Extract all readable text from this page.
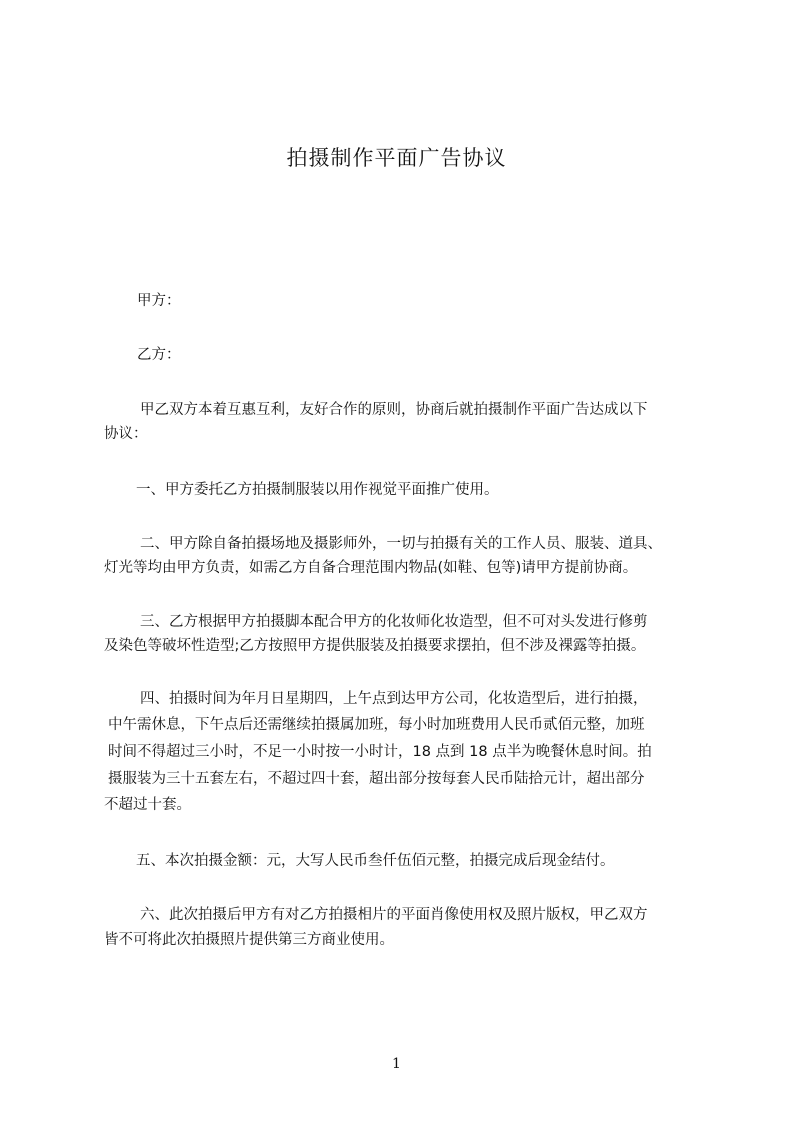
拍摄制作平面广告协议

甲方：

乙方：

甲乙双方本着互惠互利，友好合作的原则，协商后就拍摄制作平面广告达成以下

协议：

一、甲方委托乙方拍摄制服装以用作视觉平面推广使用。

二、甲方除自备拍摄场地及摄影师外，一切与拍摄有关的工作人员、服装、道具、

灯光等均由甲方负责，如需乙方自备合理范围内物品(如鞋、包等)请甲方提前协商。

三、乙方根据甲方拍摄脚本配合甲方的化妆师化妆造型，但不可对头发进行修剪

及染色等破坏性造型;乙方按照甲方提供服装及拍摄要求摆拍，但不涉及裸露等拍摄。

四、拍摄时间为年月日星期四，上午点到达甲方公司，化妆造型后，进行拍摄，

中午需休息，下午点后还需继续拍摄属加班，每小时加班费用人民币贰佰元整，加班

时间不得超过三小时，不足一小时按一小时计，18 点到 18 点半为晚餐休息时间。拍

摄服装为三十五套左右，不超过四十套，超出部分按每套人民币陆拾元计，超出部分

不超过十套。

五、本次拍摄金额：元，大写人民币叁仟伍佰元整，拍摄完成后现金结付。

六、此次拍摄后甲方有对乙方拍摄相片的平面肖像使用权及照片版权，甲乙双方

皆不可将此次拍摄照片提供第三方商业使用。

1
